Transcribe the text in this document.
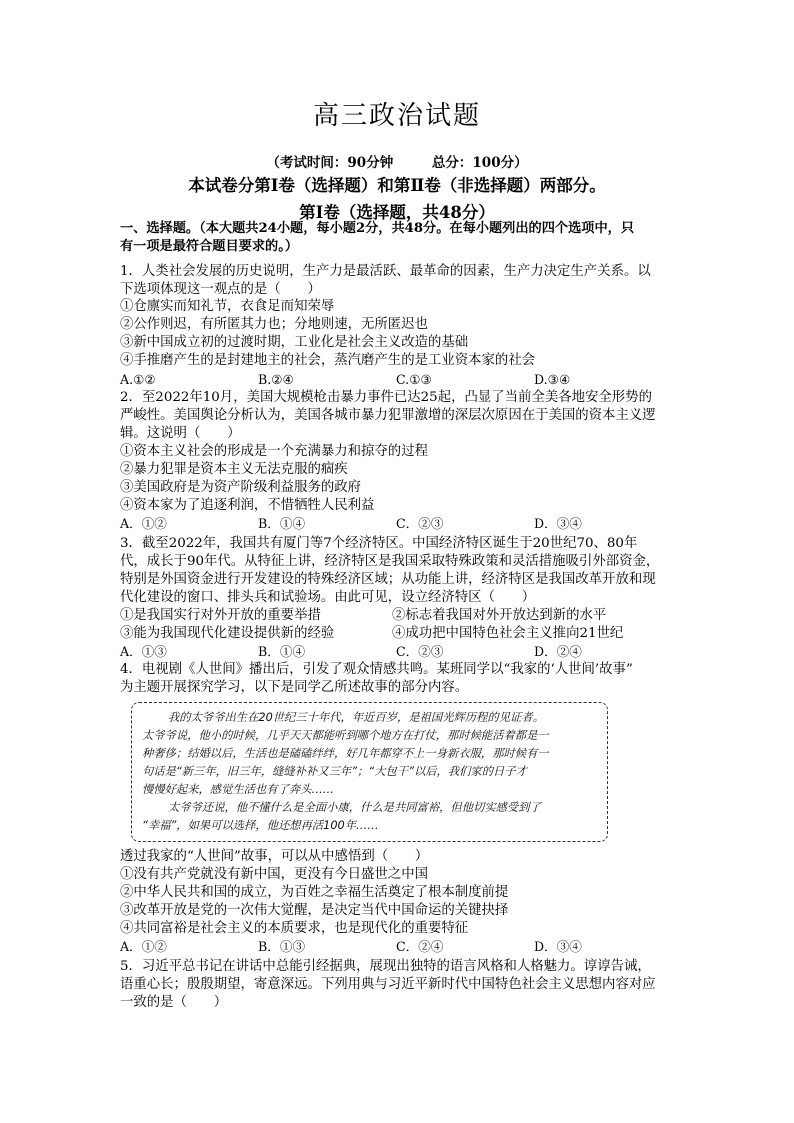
高三政治试题
（考试时间：90分钟	总分：100分）
本试卷分第Ⅰ卷（选择题）和第Ⅱ卷（非选择题）两部分。
第Ⅰ卷（选择题，共48分）
一、选择题。（本大题共24小题，每小题2分，共48分。在每小题列出的四个选项中，只
有一项是最符合题目要求的。）
1．人类社会发展的历史说明，生产力是最活跃、最革命的因素，生产力决定生产关系。以
下选项体现这一观点的是（　　）
①仓廪实而知礼节，衣食足而知荣辱
②公作则迟，有所匿其力也；分地则速，无所匿迟也
③新中国成立初的过渡时期，工业化是社会主义改造的基础
④手推磨产生的是封建地主的社会，蒸汽磨产生的是工业资本家的社会
A.①②	B.②④	C.①③	D.③④
2．至2022年10月，美国大规模枪击暴力事件已达25起，凸显了当前全美各地安全形势的
严峻性。美国舆论分析认为，美国各城市暴力犯罪激增的深层次原因在于美国的资本主义逻
辑。这说明（　　）
①资本主义社会的形成是一个充满暴力和掠夺的过程
②暴力犯罪是资本主义无法克服的痼疾
③美国政府是为资产阶级利益服务的政府
④资本家为了追逐利润，不惜牺牲人民利益
A．①②	B．①④	C．②③	D．③④
3．截至2022年，我国共有厦门等7个经济特区。中国经济特区诞生于20世纪70、80年
代，成长于90年代。从特征上讲，经济特区是我国采取特殊政策和灵活措施吸引外部资金，
特别是外国资金进行开发建设的特殊经济区域；从功能上讲，经济特区是我国改革开放和现
代化建设的窗口、排头兵和试验场。由此可见，设立经济特区（　　）
①是我国实行对外开放的重要举措	②标志着我国对外开放达到新的水平
③能为我国现代化建设提供新的经验	④成功把中国特色社会主义推向21世纪
A．①③	B．①④	C．②③	D．②④
4．电视剧《人世间》播出后，引发了观众情感共鸣。某班同学以“我家的‘人世间’故事”
为主题开展探究学习，以下是同学乙所述故事的部分内容。
我的太爷爷出生在20世纪三十年代，年近百岁，是祖国光辉历程的见证者。
太爷爷说，他小的时候，几乎天天都能听到哪个地方在打仗，那时候能活着都是一
种奢侈；结婚以后，生活也是磕磕绊绊，好几年都穿不上一身新衣服，那时候有一
句话是“新三年，旧三年，缝缝补补又三年”；“大包干”以后，我们家的日子才
慢慢好起来，感觉生活也有了奔头……
太爷爷还说，他不懂什么是全面小康，什么是共同富裕，但他切实感受到了
“幸福”，如果可以选择，他还想再活100年……
透过我家的“人世间”故事，可以从中感悟到（　　）
①没有共产党就没有新中国，更没有今日盛世之中国
②中华人民共和国的成立，为百姓之幸福生活奠定了根本制度前提
③改革开放是党的一次伟大觉醒，是决定当代中国命运的关键抉择
④共同富裕是社会主义的本质要求，也是现代化的重要特征
A．①②	B．①③	C．②④	D．③④
5．习近平总书记在讲话中总能引经据典，展现出独特的语言风格和人格魅力。谆谆告诫，
语重心长；殷殷期望，寄意深远。下列用典与习近平新时代中国特色社会主义思想内容对应
一致的是（　　）
